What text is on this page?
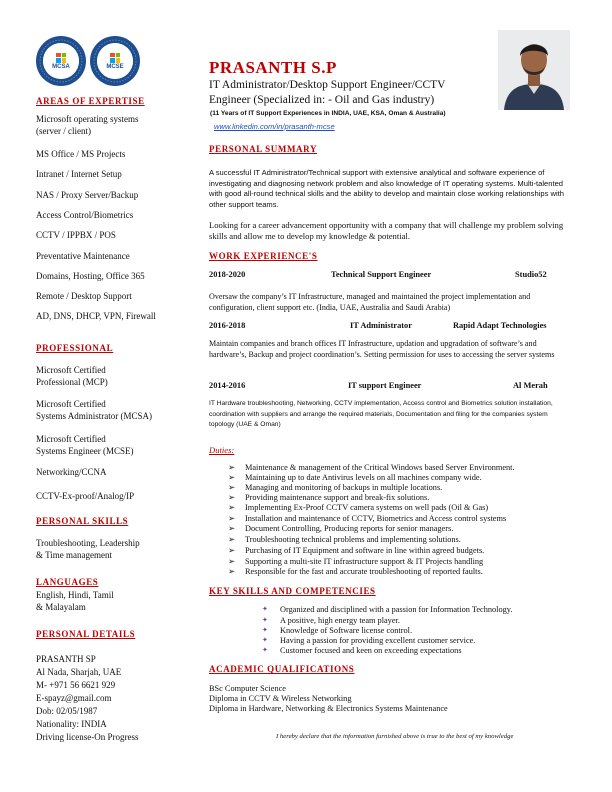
MCSA	MCSE	PRASANTH S.P
IT Administrator/Desktop Support Engineer/CCTV
Engineer (Specialized in: - Oil and Gas industry)
(11 Years of IT Support Experiences in INDIA, UAE, KSA, Oman & Australia)
www.linkedin.com/in/prasanth-mcse
AREAS OF EXPERTISE
Microsoft operating systems
(server / client)
MS Office / MS Projects
Intranet / Internet Setup
NAS / Proxy Server/Backup
Access Control/Biometrics
CCTV / IPPBX / POS
Preventative Maintenance
Domains, Hosting, Office 365
Remote / Desktop Support
AD, DNS, DHCP, VPN, Firewall
PROFESSIONAL
Microsoft Certified
Professional (MCP)
Microsoft Certified
Systems Administrator (MCSA)
Microsoft Certified
Systems Engineer (MCSE)
Networking/CCNA
CCTV-Ex-proof/Analog/IP
PERSONAL SKILLS
Troubleshooting, Leadership
& Time management
LANGUAGES
English, Hindi, Tamil
& Malayalam
PERSONAL DETAILS
PRASANTH SP
Al Nada, Sharjah, UAE
M- +971 56 6621 929
E-spayz@gmail.com
Dob: 02/05/1987
Nationality: INDIA
Driving license-On Progress
PERSONAL SUMMARY
A successful IT Administrator/Technical support with extensive analytical and software experience of investigating and diagnosing network problem and also knowledge of IT operating systems. Multi-talented with good all-round technical skills and the ability to develop and maintain close working relationships with other support teams.
Looking for a career advancement opportunity with a company that will challenge my problem solving skills and allow me to develop my knowledge & potential.
WORK EXPERIENCE'S
2018-2020	Technical Support Engineer	Studio52
Oversaw the company’s IT Infrastructure, managed and maintained the project implementation and configuration, client support etc. (India, UAE, Australia and Saudi Arabia)
2016-2018	IT Administrator	Rapid Adapt Technologies
Maintain companies and branch offices IT Infrastructure, updation and upgradation of software’s and hardware’s, Backup and project coordination’s. Setting permission for uses to accessing the server systems
2014-2016	IT support Engineer	Al Merah
IT Hardware troubleshooting, Networking, CCTV implementation, Access control and Biometrics solution installation, coordination with suppliers and arrange the required materials, Documentation and filing for the companies system topology (UAE & Oman)
Duties:
➢ Maintenance & management of the Critical Windows based Server Environment.
➢ Maintaining up to date Antivirus levels on all machines company wide.
➢ Managing and monitoring of backups in multiple locations.
➢ Providing maintenance support and break-fix solutions.
➢ Implementing Ex-Proof CCTV camera systems on well pads (Oil & Gas)
➢ Installation and maintenance of CCTV, Biometrics and Access control systems
➢ Document Controlling, Producing reports for senior managers.
➢ Troubleshooting technical problems and implementing solutions.
➢ Purchasing of IT Equipment and software in line within agreed budgets.
➢ Supporting a multi-site IT infrastructure support & IT Projects handling
➢ Responsible for the fast and accurate troubleshooting of reported faults.
KEY SKILLS AND COMPETENCIES
✦ Organized and disciplined with a passion for Information Technology.
✦ A positive, high energy team player.
✦ Knowledge of Software license control.
✦ Having a passion for providing excellent customer service.
✦ Customer focused and keen on exceeding expectations
ACADEMIC QUALIFICATIONS
BSc Computer Science
Diploma in CCTV & Wireless Networking
Diploma in Hardware, Networking & Electronics Systems Maintenance
I hereby declare that the information furnished above is true to the best of my knowledge
